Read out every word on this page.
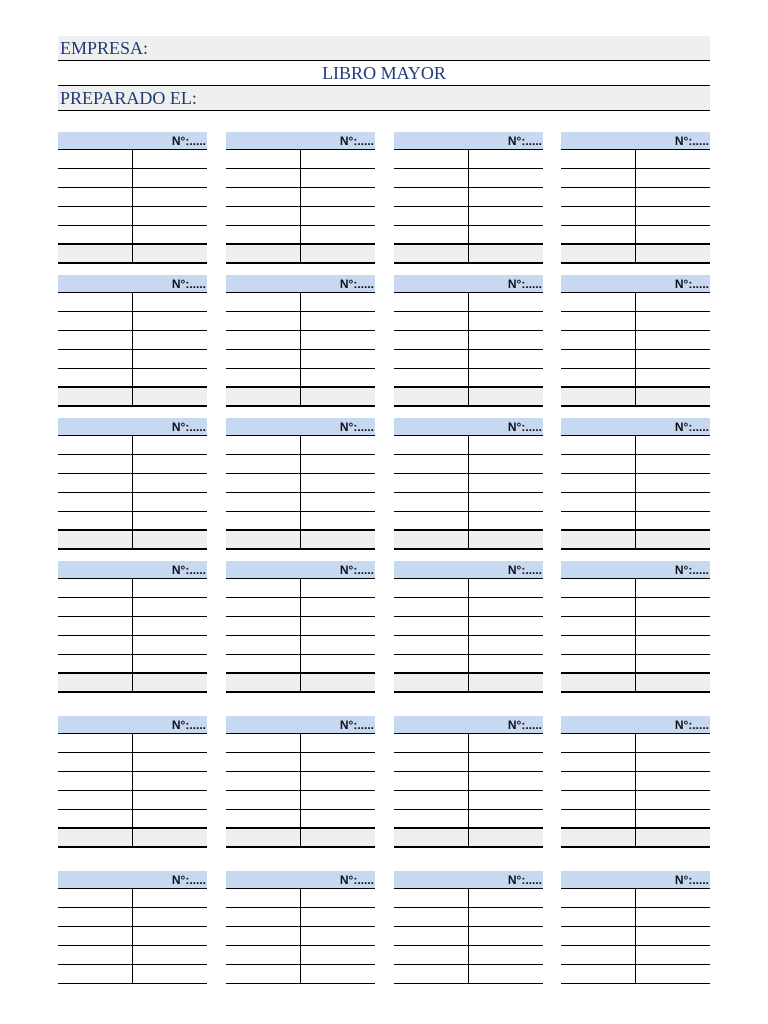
EMPRESA:
LIBRO MAYOR
PREPARADO EL:
N°:.....	N°:.....	N°:.....	N°:.....
N°:.....	N°:.....	N°:.....	N°:.....
N°:.....	N°:.....	N°:.....	N°:.....
N°:.....	N°:.....	N°:.....	N°:.....
N°:.....	N°:.....	N°:.....	N°:.....
N°:.....	N°:.....	N°:.....	N°:.....
